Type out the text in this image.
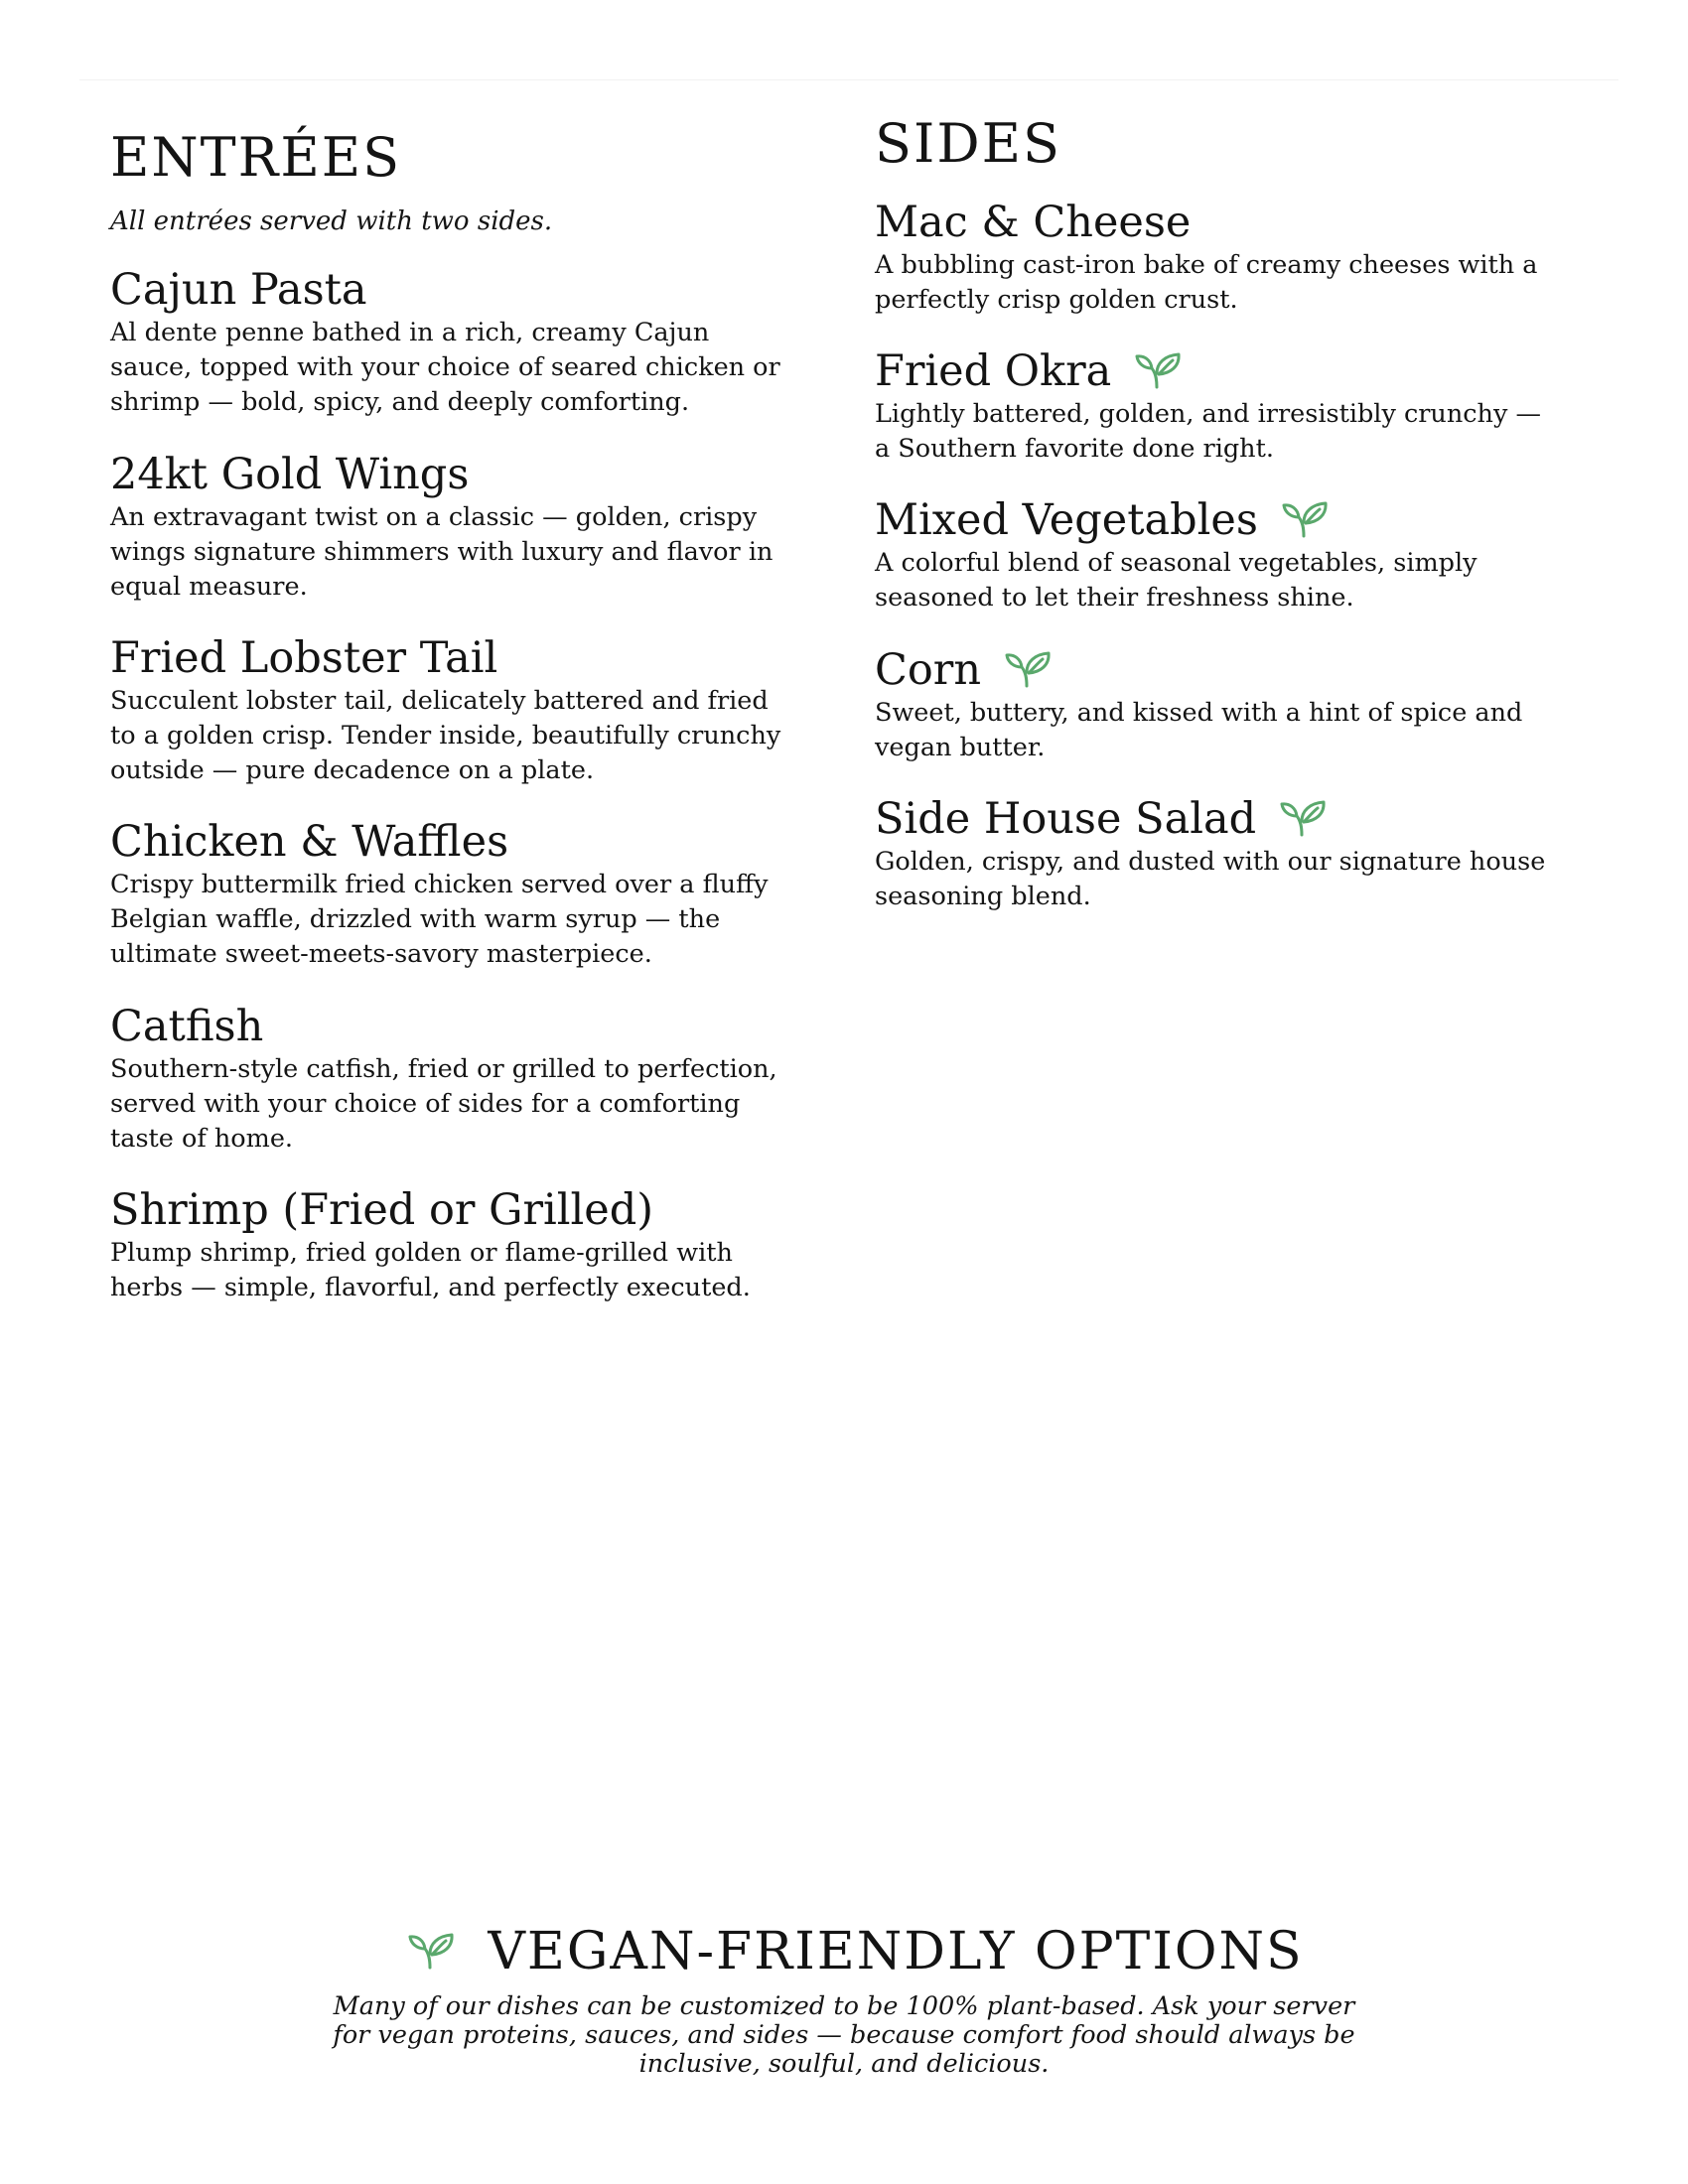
ENTRÉES

All entrées served with two sides.

Cajun Pasta

Al dente penne bathed in a rich, creamy Cajun sauce, topped with your choice of seared chicken or shrimp — bold, spicy, and deeply comforting.

24kt Gold Wings

An extravagant twist on a classic — golden, crispy wings signature shimmers with luxury and flavor in equal measure.

Fried Lobster Tail

Succulent lobster tail, delicately battered and fried to a golden crisp. Tender inside, beautifully crunchy outside — pure decadence on a plate.

Chicken & Waffles

Crispy buttermilk fried chicken served over a fluffy Belgian waffle, drizzled with warm syrup — the ultimate sweet-meets-savory masterpiece.

Catfish

Southern-style catfish, fried or grilled to perfection, served with your choice of sides for a comforting taste of home.

Shrimp (Fried or Grilled)

Plump shrimp, fried golden or flame-grilled with herbs — simple, flavorful, and perfectly executed.

SIDES
Mac & Cheese

A bubbling cast-iron bake of creamy cheeses with a perfectly crisp golden crust.

Fried Okra

Lightly battered, golden, and irresistibly crunchy — a Southern favorite done right.

Mixed Vegetables

A colorful blend of seasonal vegetables, simply seasoned to let their freshness shine.

Corn

Sweet, buttery, and kissed with a hint of spice and vegan butter.

Side House Salad

Golden, crispy, and dusted with our signature house seasoning blend.

VEGAN-FRIENDLY OPTIONS

Many of our dishes can be customized to be 100% plant-based. Ask your server for vegan proteins, sauces, and sides — because comfort food should always be inclusive, soulful, and delicious.
